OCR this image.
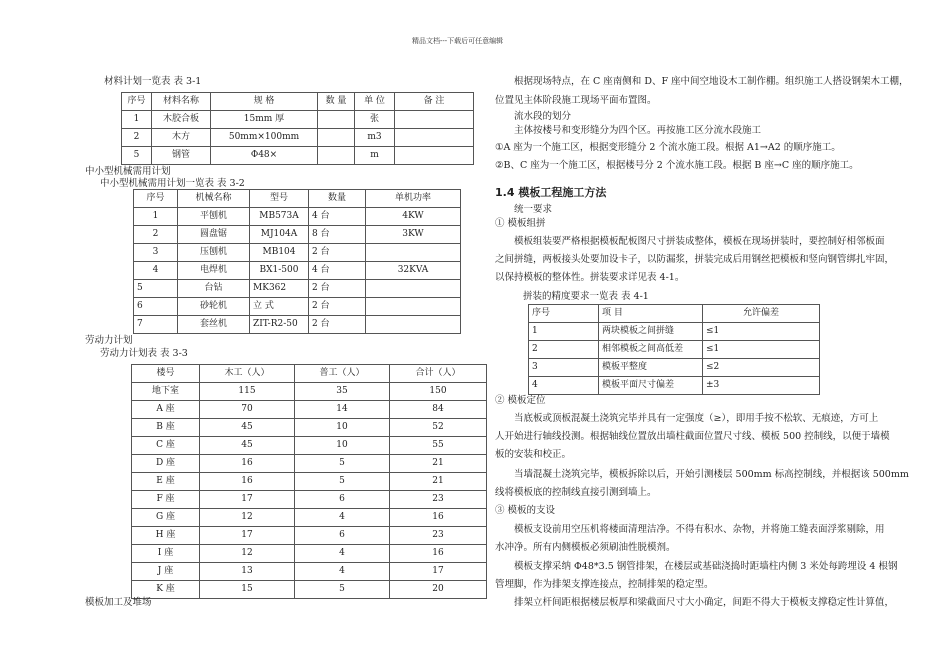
精品文档---下载后可任意编辑
材料计划一览表 表 3-1
序号	材料名称	规 格	数 量	单 位	备 注
1	木胶合板	15mm 厚		张	
2	木方	50mm×100mm		m3	
5	钢管	Φ48×		m	
中小型机械需用计划
中小型机械需用计划一览表 表 3-2
序号	机械名称	型号	数量	单机功率
1	平刨机	MB573A	4 台	4KW
2	圆盘锯	MJ104A	8 台	3KW
3	压刨机	MB104	2 台	
4	电焊机	BX1-500	4 台	32KVA
5	台钻	MK362	2 台	
6	砂轮机	立 式	2 台	
7	套丝机	ZIT-R2-50	2 台	
劳动力计划
劳动力计划表 表 3-3
楼号	木工（人）	普工（人）	合计（人）
地下室	115	35	150
A 座	70	14	84
B 座	45	10	52
C 座	45	10	55
D 座	16	5	21
E 座	16	5	21
F 座	17	6	23
G 座	12	4	16
H 座	17	6	23
I 座	12	4	16
J 座	13	4	17
K 座	15	5	20
模板加工及堆场
根据现场特点，在 C 座南侧和 D、F 座中间空地设木工制作棚。组织施工人搭设钢架木工棚，
位置见主体阶段施工现场平面布置图。
流水段的划分
主体按楼号和变形缝分为四个区。再按施工区分流水段施工
①A 座为一个施工区，根据变形缝分 2 个流水施工段。根据 A1→A2 的顺序施工。
②B、C 座为一个施工区，根据楼号分 2 个流水施工段。根据 B 座→C 座的顺序施工。
1.4 模板工程施工方法
统一要求
① 模板组拼
模板组装要严格根据模板配板图尺寸拼装成整体，模板在现场拼装时，要控制好相邻板面
之间拼缝，两板接头处要加设卡子，以防漏浆，拼装完成后用钢丝把模板和竖向钢管绑扎牢固，
以保持模板的整体性。拼装要求详见表 4-1。
拼装的精度要求一览表 表 4-1
序号	项 目	允许偏差
1	两块模板之间拼缝	≤1
2	相邻模板之间高低差	≤1
3	模板平整度	≤2
4	模板平面尺寸偏差	±3
② 模板定位
当底板或顶板混凝土浇筑完毕并具有一定强度（≥），即用手按不松软、无痕迹，方可上
人开始进行轴线投测。根据轴线位置放出墙柱截面位置尺寸线、模板 500 控制线，以便于墙模
板的安装和校正。
当墙混凝土浇筑完毕，模板拆除以后，开始引测楼层 500mm 标高控制线，并根据该 500mm
线将模板底的控制线直接引测到墙上。
③ 模板的支设
模板支设前用空压机将楼面清理洁净。不得有积水、杂物，并将施工缝表面浮浆剔除，用
水冲净。所有内侧模板必须刷油性脱模剂。
模板支撑采纳 Φ48*3.5 钢管排架，在楼层或基础浇捣时距墙柱内侧 3 米处每跨埋设 4 根钢
管埋脚，作为排架支撑连接点，控制排架的稳定型。
排架立杆间距根据楼层板厚和梁截面尺寸大小确定，间距不得大于模板支撑稳定性计算值，
